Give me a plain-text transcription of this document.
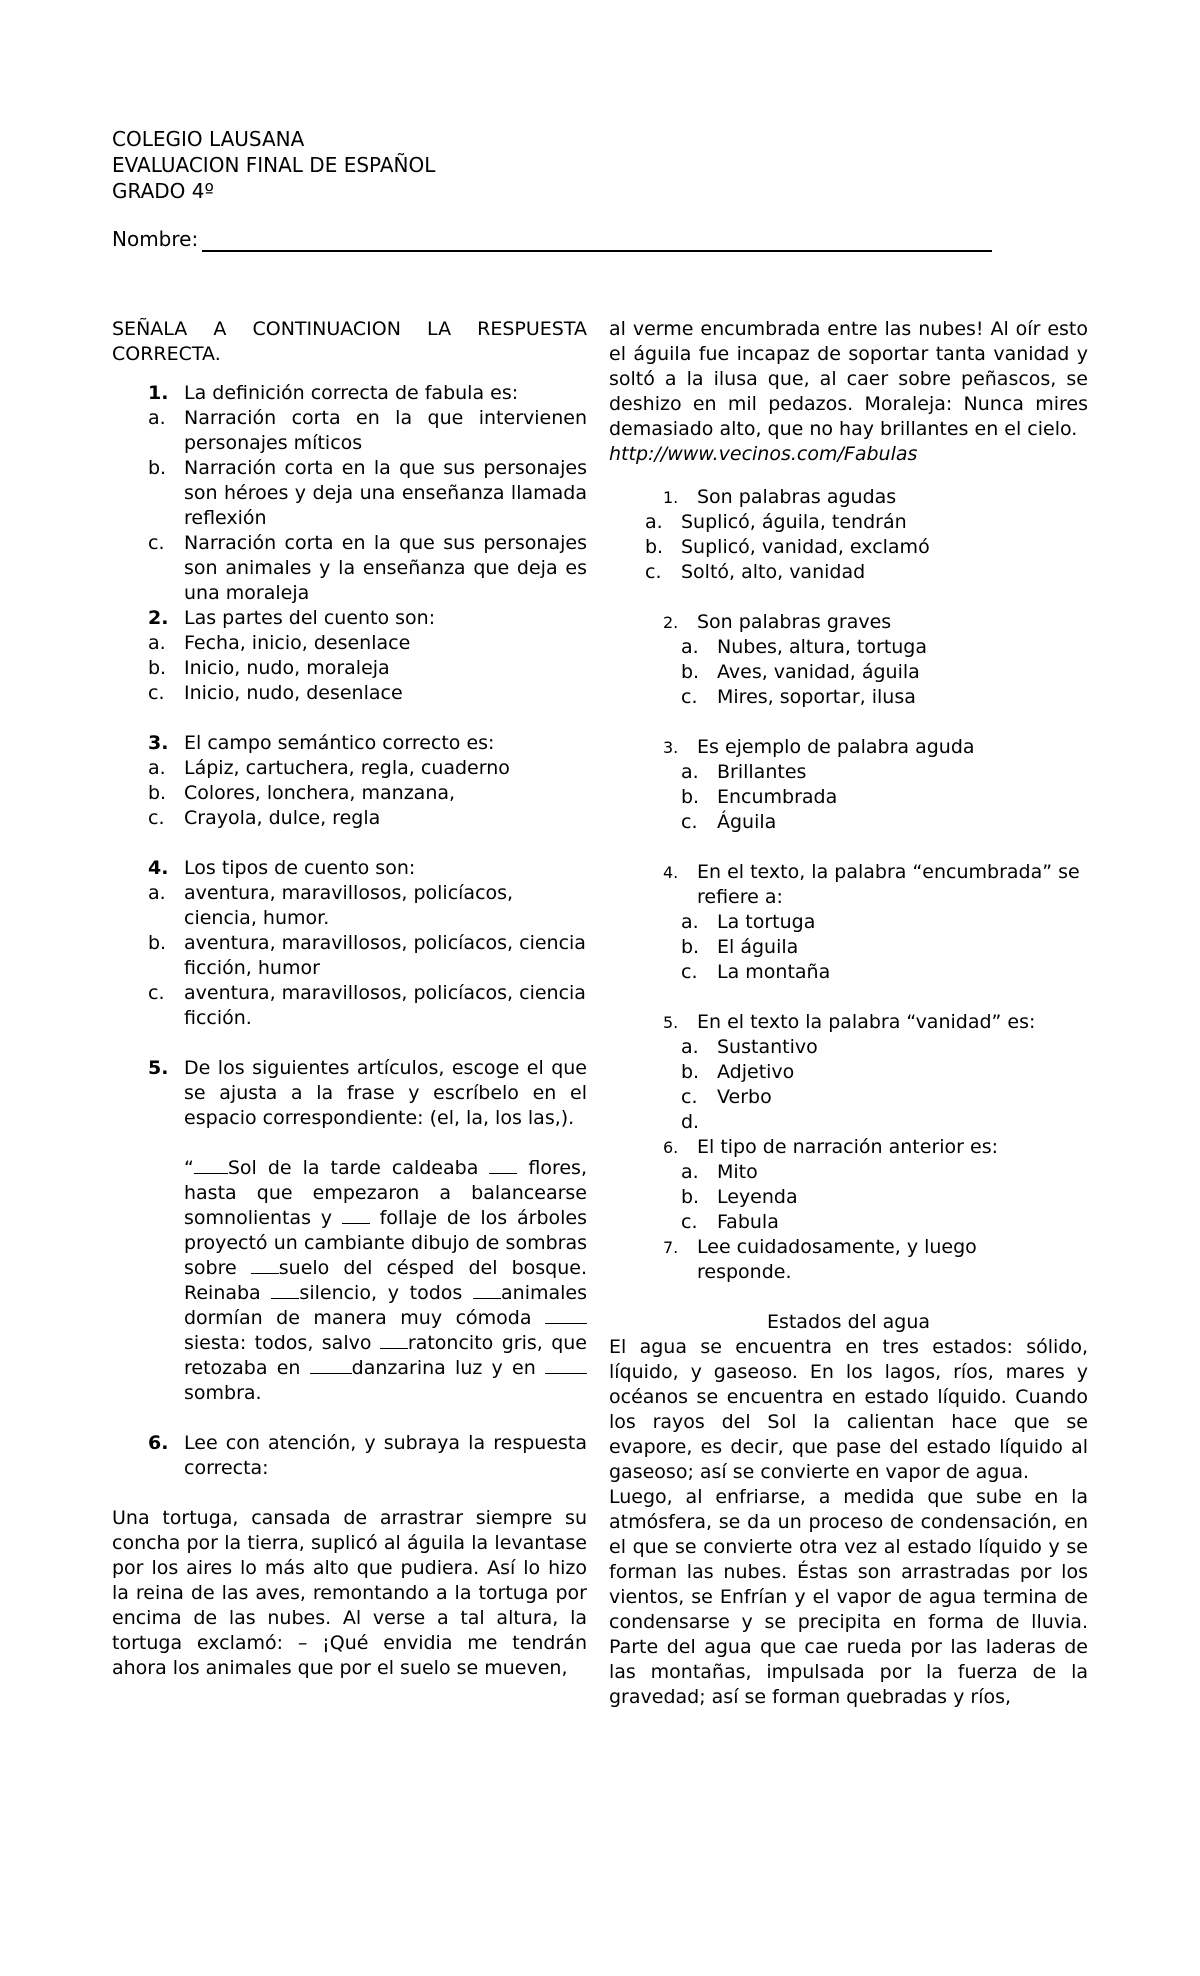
COLEGIO LAUSANA
EVALUACION FINAL DE ESPAÑOL
GRADO 4º
Nombre:

SEÑALA A CONTINUACION LA RESPUESTA CORRECTA.

1. La definición correcta de fabula es:
a. Narración corta en la que intervienen personajes míticos
b. Narración corta en la que sus personajes son héroes y deja una enseñanza llamada reflexión
c.	Narración corta en la que sus personajes son animales y la enseñanza que deja es una moraleja
2. Las partes del cuento son:
a. Fecha, inicio, desenlace
b. Inicio, nudo, moraleja
c.	Inicio, nudo, desenlace
3. El campo semántico correcto es:
a. Lápiz, cartuchera, regla, cuaderno
b. Colores, lonchera, manzana,
c.	Crayola, dulce, regla
4. Los tipos de cuento son:
a. aventura, maravillosos, policíacos, ciencia, humor.
b. aventura, maravillosos, policíacos, ciencia ficción, humor
c.	aventura, maravillosos, policíacos, ciencia ficción.
5. De los siguientes artículos, escoge el que se ajusta a la frase y escríbelo en el espacio correspondiente: (el, la, los las,).

“ Sol de la tarde caldeaba  flores, hasta que empezaron a balancearse somnolientas y  follaje de los árboles proyectó un cambiante dibujo de sombras sobre suelo del césped del bosque. Reinaba silencio, y todos animales dormían de manera muy cómoda siesta: todos, salvo ratoncito gris, que retozaba en danzarina luz y en sombra.

6. Lee con atención, y subraya la respuesta correcta:

Una tortuga, cansada de arrastrar siempre su concha por la tierra, suplicó al águila la levantase por los aires lo más alto que pudiera. Así lo hizo la reina de las aves, remontando a la tortuga por encima de las nubes. Al verse a tal altura, la tortuga exclamó: – ¡Qué envidia me tendrán ahora los animales que por el suelo se mueven,

al verme encumbrada entre las nubes! Al oír esto el águila fue incapaz de soportar tanta vanidad y soltó a la ilusa que, al caer sobre peñascos, se deshizo en mil pedazos. Moraleja: Nunca mires demasiado alto, que no hay brillantes en el cielo.

http://www.vecinos.com/Fabulas

1. Son palabras agudas
a. Suplicó, águila, tendrán
b. Suplicó, vanidad, exclamó
c.	Soltó, alto, vanidad
2. Son palabras graves
a. Nubes, altura, tortuga
b. Aves, vanidad, águila
c.	Mires, soportar, ilusa
3. Es ejemplo de palabra aguda
a. Brillantes
b. Encumbrada
c.	Águila
4. En el texto, la palabra “encumbrada” se refiere a:
a. La tortuga
b. El águila
c.	La montaña
5. En el texto la palabra “vanidad” es:
a. Sustantivo
b. Adjetivo
c.	Verbo
d.
6. El tipo de narración anterior es:
a. Mito
b. Leyenda
c.	Fabula
7. Lee cuidadosamente, y luego responde.

Estados del agua

El agua se encuentra en tres estados: sólido, líquido, y gaseoso. En los lagos, ríos, mares y océanos se encuentra en estado líquido. Cuando los rayos del Sol la calientan hace que se evapore, es decir, que pase del estado líquido al gaseoso; así se convierte en vapor de agua.

Luego, al enfriarse, a medida que sube en la atmósfera, se da un proceso de condensación, en el que se convierte otra vez al estado líquido y se forman las nubes. Éstas son arrastradas por los vientos, se Enfrían y el vapor de agua termina de condensarse y se precipita en forma de lluvia. Parte del agua que cae rueda por las laderas de las montañas, impulsada por la fuerza de la gravedad; así se forman quebradas y ríos,
